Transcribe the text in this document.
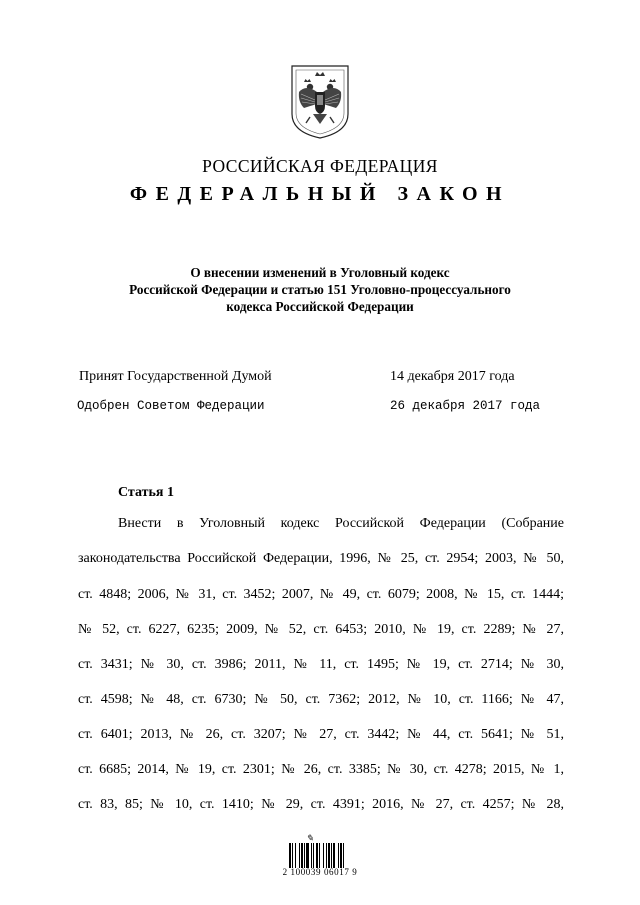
РОССИЙСКАЯ ФЕДЕРАЦИЯ
ФЕДЕРАЛЬНЫЙ ЗАКОН
О внесении изменений в Уголовный кодекс
Российской Федерации и статью 151 Уголовно-процессуального
кодекса Российской Федерации
Принят Государственной Думой	14 декабря 2017 года
Одобрен Советом Федерации	26 декабря 2017 года
Статья 1
Внести в Уголовный кодекс Российской Федерации (Собрание
законодательства Российской Федерации, 1996, № 25, ст. 2954; 2003, № 50,
ст. 4848; 2006, № 31, ст. 3452; 2007, № 49, ст. 6079; 2008, № 15, ст. 1444;
№ 52, ст. 6227, 6235; 2009, № 52, ст. 6453; 2010, № 19, ст. 2289; № 27,
ст. 3431; № 30, ст. 3986; 2011, № 11, ст. 1495; № 19, ст. 2714; № 30,
ст. 4598; № 48, ст. 6730; № 50, ст. 7362; 2012, № 10, ст. 1166; № 47,
ст. 6401; 2013, № 26, ст. 3207; № 27, ст. 3442; № 44, ст. 5641; № 51,
ст. 6685; 2014, № 19, ст. 2301; № 26, ст. 3385; № 30, ст. 4278; 2015, № 1,
ст. 83, 85; № 10, ст. 1410; № 29, ст. 4391; 2016, № 27, ст. 4257; № 28,
✎
2 100039 06017 9
